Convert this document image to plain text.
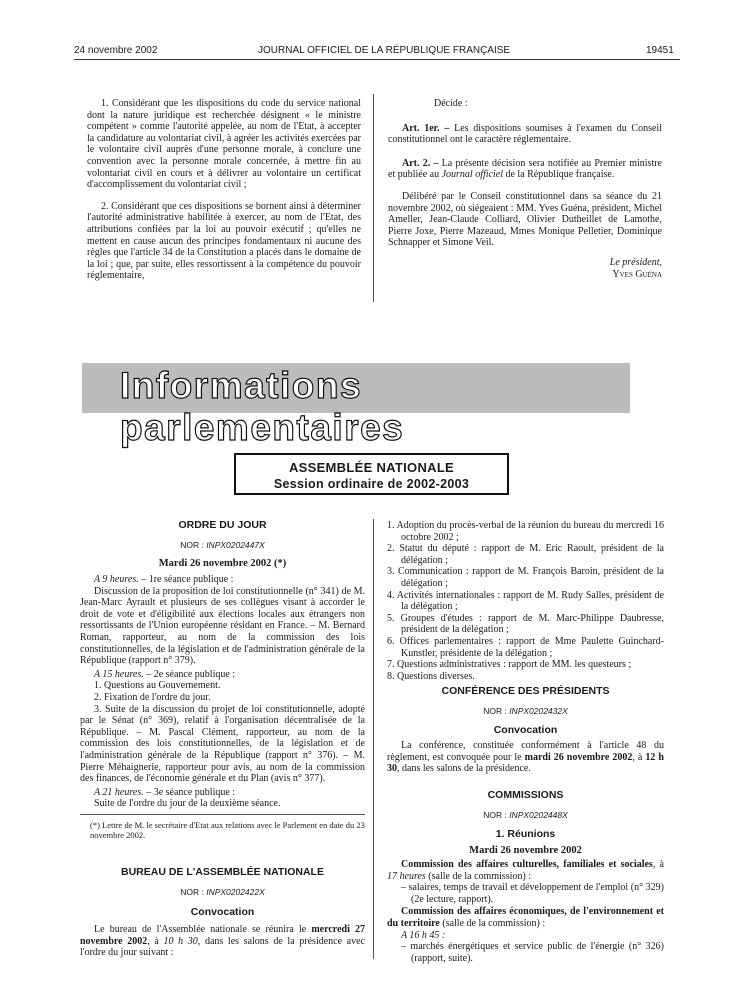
24 novembre 2002	JOURNAL OFFICIEL DE LA RÉPUBLIQUE FRANÇAISE	19451

1. Considérant que les dispositions du code du service national dont la nature juridique est recherchée désignent « le ministre compétent » comme l'autorité appelée, au nom de l'Etat, à accepter la candidature au volontariat civil, à agréer les activités exercées par le volontaire civil auprès d'une personne morale, à conclure une convention avec la personne morale concernée, à mettre fin au volontariat civil en cours et à délivrer au volontaire un certificat d'accomplissement du volontariat civil ;

2. Considérant que ces dispositions se bornent ainsi à déterminer l'autorité administrative habilitée à exercer, au nom de l'Etat, des attributions confiées par la loi au pouvoir exécutif ; qu'elles ne mettent en cause aucun des principes fondamentaux ni aucune des règles que l'article 34 de la Constitution a placés dans le domaine de la loi ; que, par suite, elles ressortissent à la compétence du pouvoir réglementaire,

Décide :

Art. 1er. – Les dispositions soumises à l'examen du Conseil constitutionnel ont le caractère réglementaire.

Art. 2. – La présente décision sera notifiée au Premier ministre et publiée au Journal officiel de la République française.

Délibéré par le Conseil constitutionnel dans sa séance du 21 novembre 2002, où siégeaient : MM. Yves Guéna, président, Michel Ameller, Jean-Claude Colliard, Olivier Dutheillet de Lamothe, Pierre Joxe, Pierre Mazeaud, Mmes Monique Pelletier, Dominique Schnapper et Simone Veil.

Le président,
Yves Guéna
Informations parlementaires
ASSEMBLÉE NATIONALE
Session ordinaire de 2002-2003
ORDRE DU JOUR
NOR : INPX0202447X
Mardi 26 novembre 2002 (*)

A 9 heures. – 1re séance publique :

Discussion de la proposition de loi constitutionnelle (n° 341) de M. Jean-Marc Ayrault et plusieurs de ses collègues visant à accorder le droit de vote et d'éligibilité aux élections locales aux étrangers non ressortissants de l'Union européenne résidant en France. – M. Bernard Roman, rapporteur, au nom de la commission des lois constitutionnelles, de la législation et de l'administration générale de la République (rapport n° 379).

A 15 heures. – 2e séance publique :

1. Questions au Gouvernement.

2. Fixation de l'ordre du jour.

3. Suite de la discussion du projet de loi constitutionnelle, adopté par le Sénat (n° 369), relatif à l'organisation décentralisée de la République. – M. Pascal Clément, rapporteur, au nom de la commission des lois constitutionnelles, de la législation et de l'administration générale de la République (rapport n° 376). – M. Pierre Méhaignerie, rapporteur pour avis, au nom de la commission des finances, de l'économie générale et du Plan (avis n° 377).

A 21 heures. – 3e séance publique :

Suite de l'ordre du jour de la deuxième séance.

(*) Lettre de M. le secrétaire d'Etat aux relations avec le Parlement en date du 23 novembre 2002.

BUREAU DE L'ASSEMBLÉE NATIONALE
NOR : INPX0202422X
Convocation

Le bureau de l'Assemblée nationale se réunira le mercredi 27 novembre 2002, à 10 h 30, dans les salons de la présidence avec l'ordre du jour suivant :

1. Adoption du procès-verbal de la réunion du bureau du mercredi 16 octobre 2002 ;

2. Statut du député : rapport de M. Eric Raoult, président de la délégation ;

3. Communication : rapport de M. François Baroin, président de la délégation ;

4. Activités internationales : rapport de M. Rudy Salles, président de la délégation ;

5. Groupes d'études : rapport de M. Marc-Philippe Daubresse, président de la délégation ;

6. Offices parlementaires : rapport de Mme Paulette Guinchard-Kunstler, présidente de la délégation ;

7. Questions administratives : rapport de MM. les questeurs ;

8. Questions diverses.

CONFÉRENCE DES PRÉSIDENTS
NOR : INPX0202432X
Convocation

La conférence, constituée conformément à l'article 48 du règlement, est convoquée pour le mardi 26 novembre 2002, à 12 h 30, dans les salons de la présidence.

COMMISSIONS
NOR : INPX0202448X
1. Réunions
Mardi 26 novembre 2002

Commission des affaires culturelles, familiales et sociales, à 17 heures (salle de la commission) :

– salaires, temps de travail et développement de l'emploi (n° 329) (2e lecture, rapport).

Commission des affaires économiques, de l'environnement et du territoire (salle de la commission) :

A 16 h 45 :

– marchés énergétiques et service public de l'énergie (n° 326) (rapport, suite).
